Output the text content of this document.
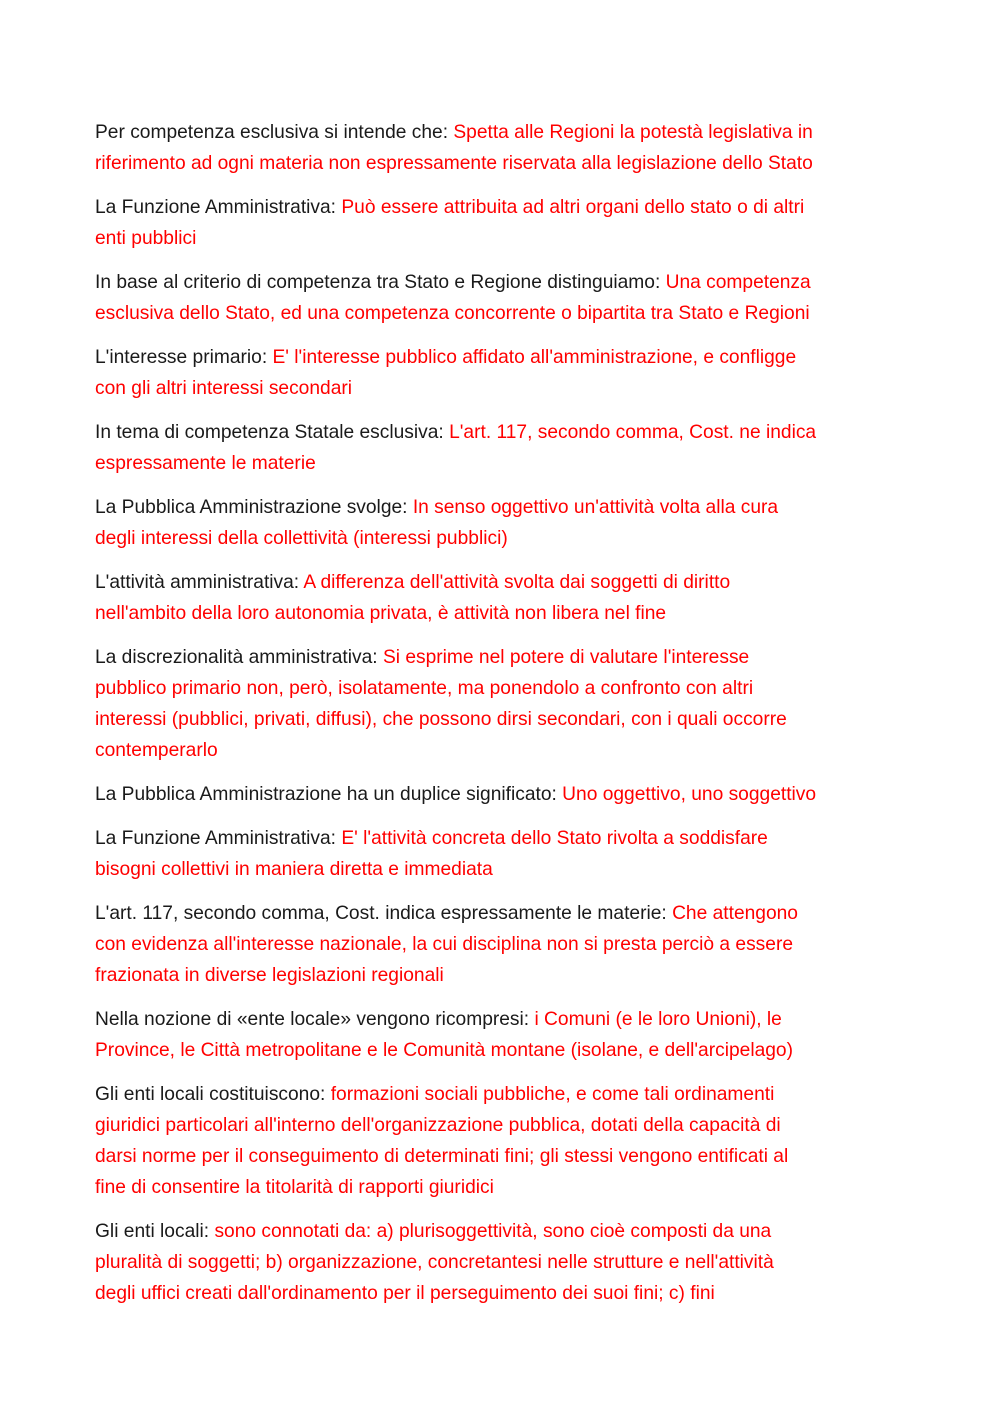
Per competenza esclusiva si intende che: Spetta alle Regioni la potestà legislativa in
riferimento ad ogni materia non espressamente riservata alla legislazione dello Stato
La Funzione Amministrativa: Può essere attribuita ad altri organi dello stato o di altri
enti pubblici
In base al criterio di competenza tra Stato e Regione distinguiamo: Una competenza
esclusiva dello Stato, ed una competenza concorrente o bipartita tra Stato e Regioni
L'interesse primario: E' l'interesse pubblico affidato all'amministrazione, e confligge
con gli altri interessi secondari
In tema di competenza Statale esclusiva: L'art. 117, secondo comma, Cost. ne indica
espressamente le materie
La Pubblica Amministrazione svolge: In senso oggettivo un'attività volta alla cura
degli interessi della collettività (interessi pubblici)
L'attività amministrativa: A differenza dell'attività svolta dai soggetti di diritto
nell'ambito della loro autonomia privata, è attività non libera nel fine
La discrezionalità amministrativa: Si esprime nel potere di valutare l'interesse
pubblico primario non, però, isolatamente, ma ponendolo a confronto con altri
interessi (pubblici, privati, diffusi), che possono dirsi secondari, con i quali occorre
contemperarlo
La Pubblica Amministrazione ha un duplice significato: Uno oggettivo, uno soggettivo
La Funzione Amministrativa: E' l'attività concreta dello Stato rivolta a soddisfare
bisogni collettivi in maniera diretta e immediata
L'art. 117, secondo comma, Cost. indica espressamente le materie: Che attengono
con evidenza all'interesse nazionale, la cui disciplina non si presta perciò a essere
frazionata in diverse legislazioni regionali
Nella nozione di «ente locale» vengono ricompresi: i Comuni (e le loro Unioni), le
Province, le Città metropolitane e le Comunità montane (isolane, e dell'arcipelago)
Gli enti locali costituiscono: formazioni sociali pubbliche, e come tali ordinamenti
giuridici particolari all'interno dell'organizzazione pubblica, dotati della capacità di
darsi norme per il conseguimento di determinati fini; gli stessi vengono entificati al
fine di consentire la titolarità di rapporti giuridici
Gli enti locali: sono connotati da: a) plurisoggettività, sono cioè composti da una
pluralità di soggetti; b) organizzazione, concretantesi nelle strutture e nell'attività
degli uffici creati dall'ordinamento per il perseguimento dei suoi fini; c) fini
